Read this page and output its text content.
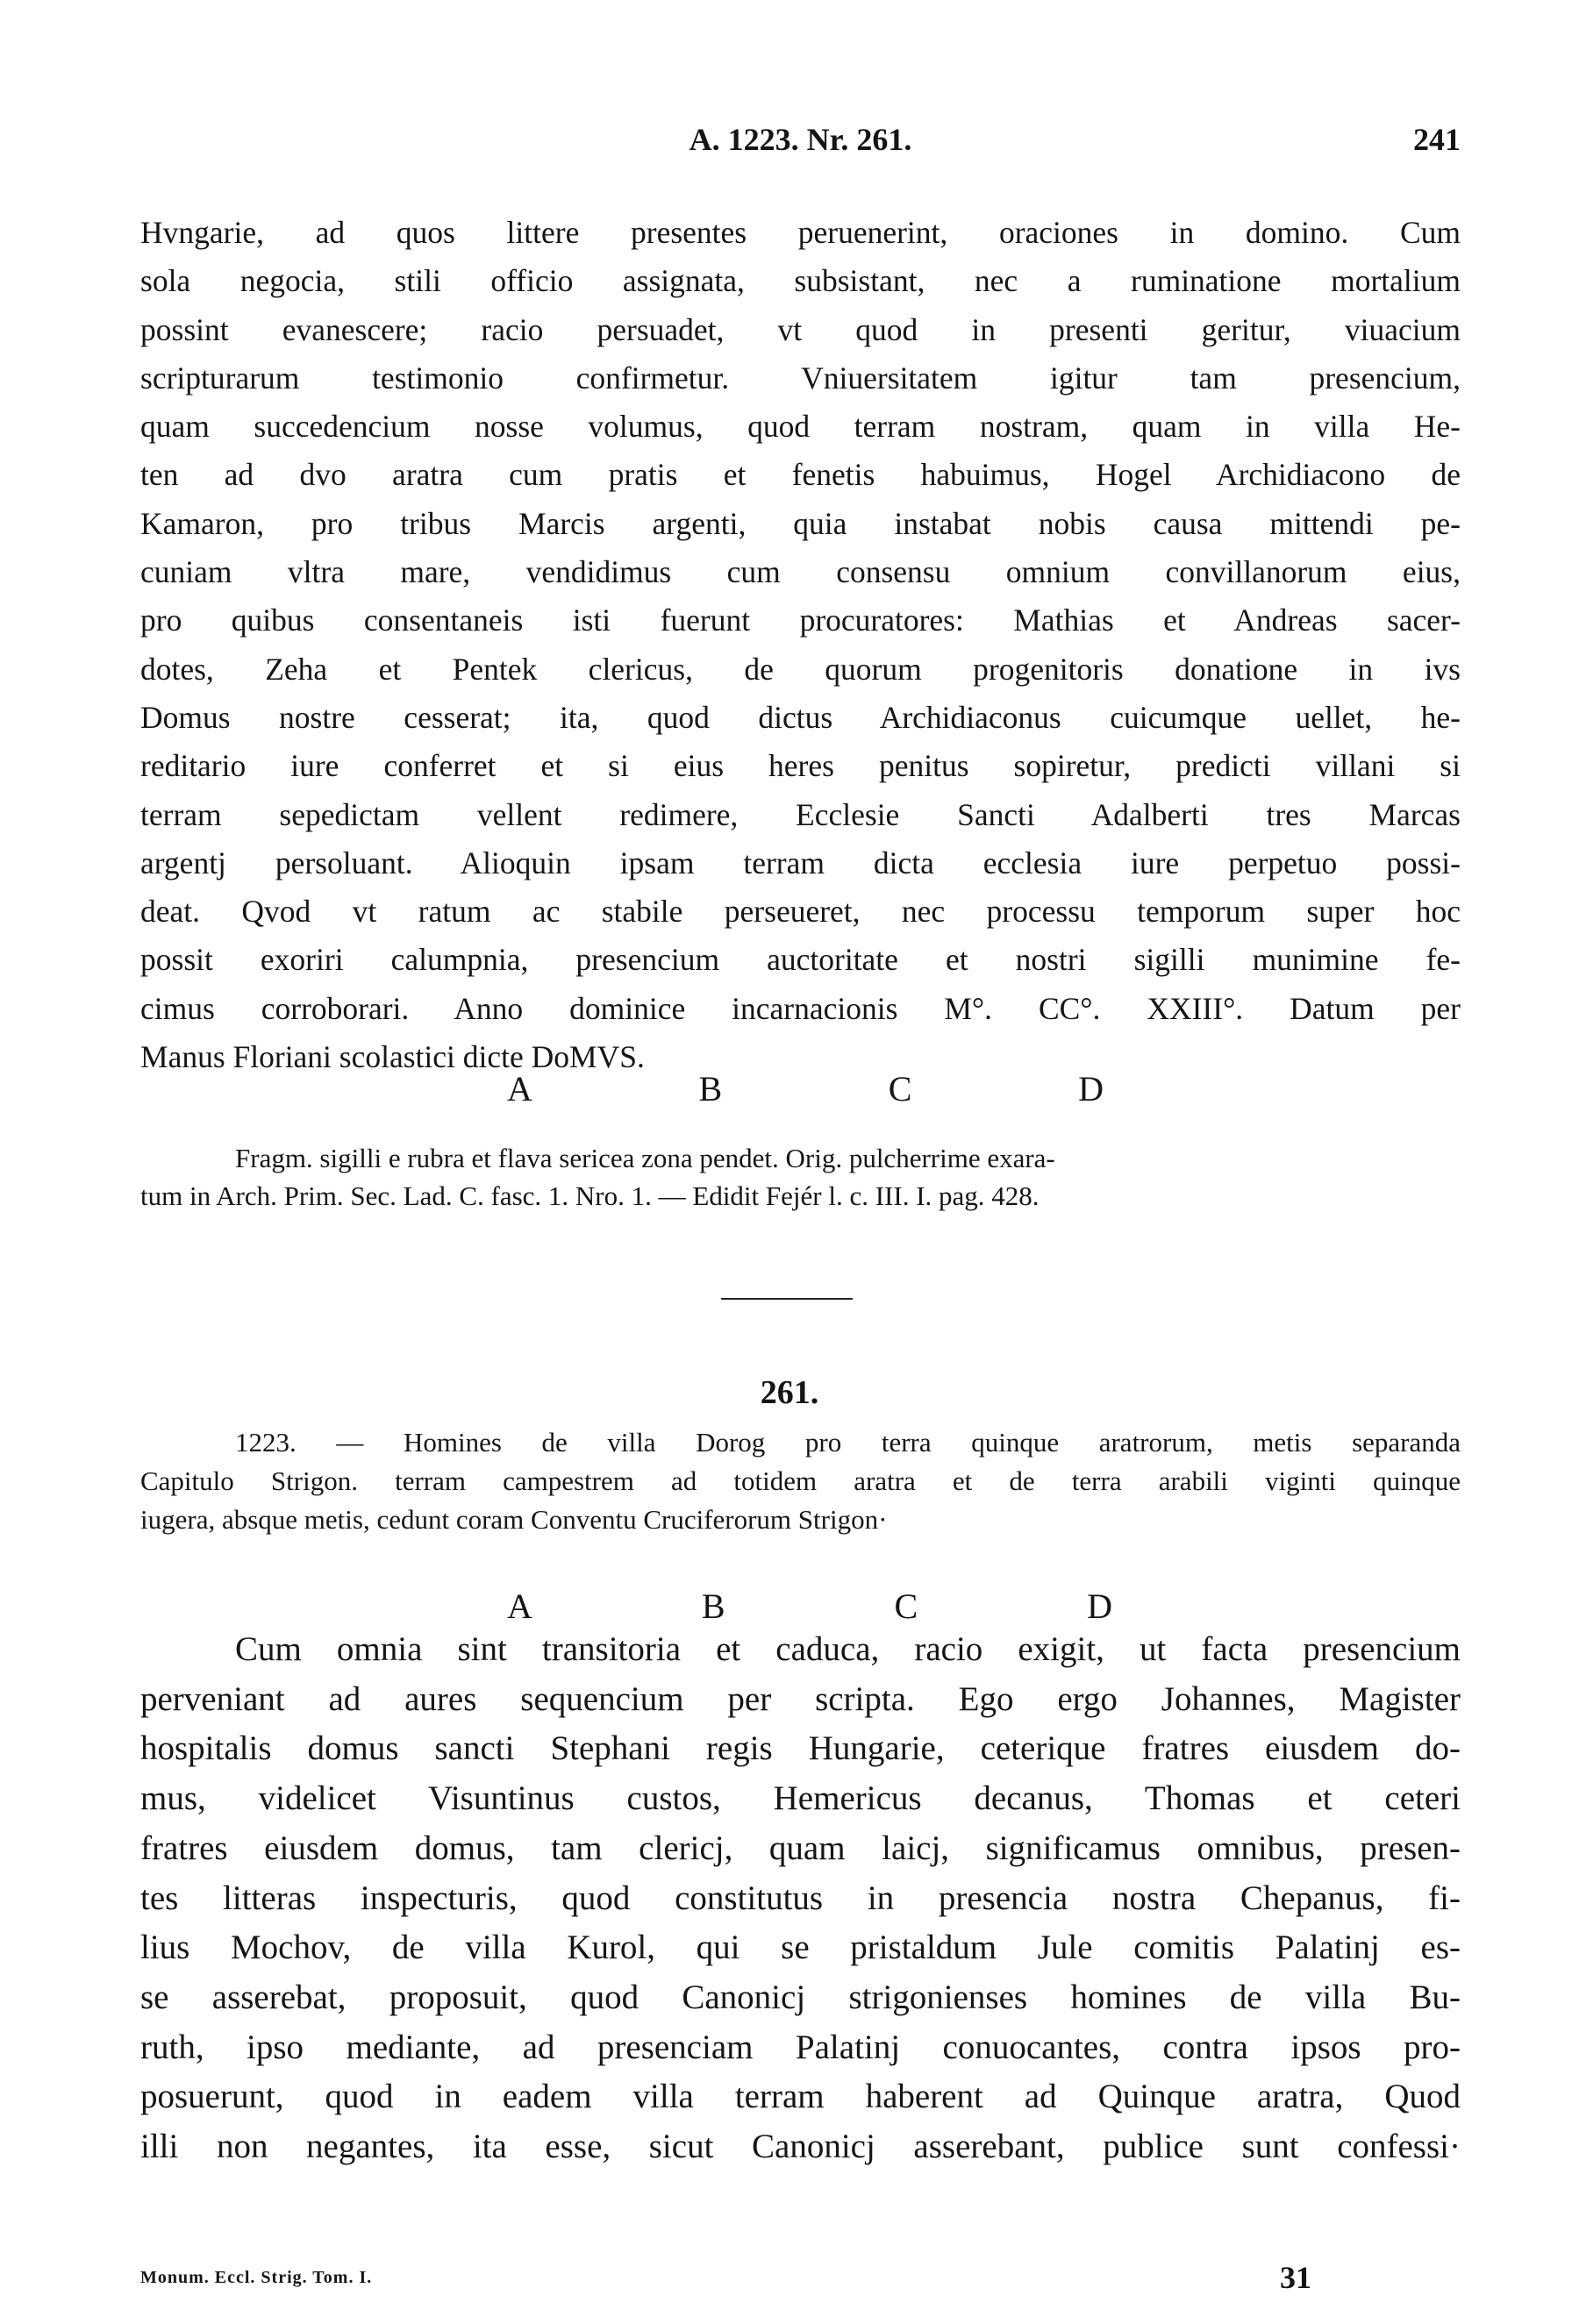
A. 1223. Nr. 261.	241
Hvngarie, ad quos littere presentes peruenerint, oraciones in domino. Cum
sola negocia, stili officio assignata, subsistant, nec a ruminatione mortalium
possint evanescere; racio persuadet, vt quod in presenti geritur, viuacium
scripturarum testimonio confirmetur. Vniuersitatem igitur tam presencium,
quam succedencium nosse volumus, quod terram nostram, quam in villa He-
ten ad dvo aratra cum pratis et fenetis habuimus, Hogel Archidiacono de
Kamaron, pro tribus Marcis argenti, quia instabat nobis causa mittendi pe-
cuniam vltra mare, vendidimus cum consensu omnium convillanorum eius,
pro quibus consentaneis isti fuerunt procuratores: Mathias et Andreas sacer-
dotes, Zeha et Pentek clericus, de quorum progenitoris donatione in ivs
Domus nostre cesserat; ita, quod dictus Archidiaconus cuicumque uellet, he-
reditario iure conferret et si eius heres penitus sopiretur, predicti villani si
terram sepedictam vellent redimere, Ecclesie Sancti Adalberti tres Marcas
argentj persoluant. Alioquin ipsam terram dicta ecclesia iure perpetuo possi-
deat. Qvod vt ratum ac stabile perseueret, nec processu temporum super hoc
possit exoriri calumpnia, presencium auctoritate et nostri sigilli munimine fe-
cimus corroborari. Anno dominice incarnacionis M°. CC°. XXIII°. Datum per
Manus Floriani scolastici dicte DoMVS.
A	B	C	D
Fragm. sigilli e rubra et flava sericea zona pendet. Orig. pulcherrime exara-
tum in Arch. Prim. Sec. Lad. C. fasc. 1. Nro. 1. — Edidit Fejér l. c. III. I. pag. 428.
261.
1223. — Homines de villa Dorog pro terra quinque aratrorum, metis separanda
Capitulo Strigon. terram campestrem ad totidem aratra et de terra arabili viginti quinque
iugera, absque metis, cedunt coram Conventu Cruciferorum Strigon·
A	B	C	D
Cum omnia sint transitoria et caduca, racio exigit, ut facta presencium
perveniant ad aures sequencium per scripta. Ego ergo Johannes, Magister
hospitalis domus sancti Stephani regis Hungarie, ceterique fratres eiusdem do-
mus, videlicet Visuntinus custos, Hemericus decanus, Thomas et ceteri
fratres eiusdem domus, tam clericj, quam laicj, significamus omnibus, presen-
tes litteras inspecturis, quod constitutus in presencia nostra Chepanus, fi-
lius Mochov, de villa Kurol, qui se pristaldum Jule comitis Palatinj es-
se asserebat, proposuit, quod Canonicj strigonienses homines de villa Bu-
ruth, ipso mediante, ad presenciam Palatinj conuocantes, contra ipsos pro-
posuerunt, quod in eadem villa terram haberent ad Quinque aratra, Quod
illi non negantes, ita esse, sicut Canonicj asserebant, publice sunt confessi·
Monum. Eccl. Strig. Tom. I.	31
